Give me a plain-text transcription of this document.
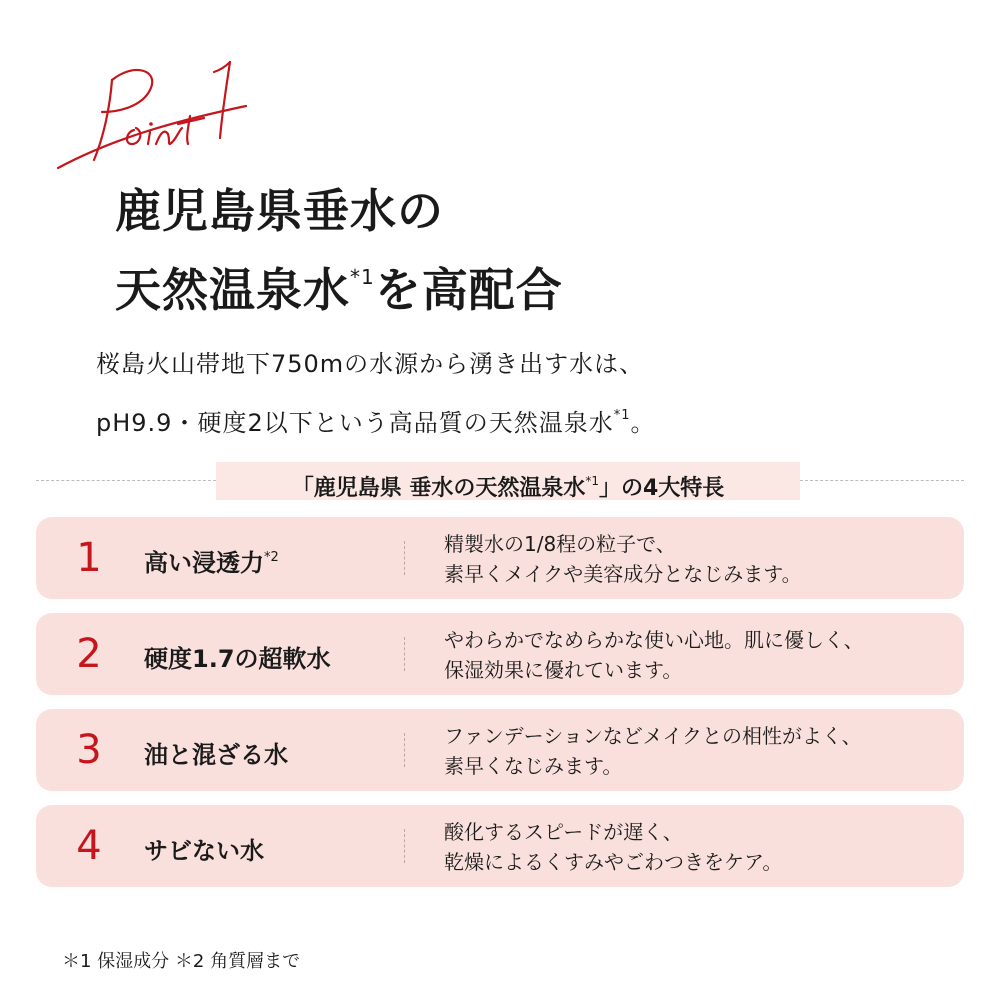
鹿児島県垂水の
天然温泉水$^{*1}$を高配合
桜島火山帯地下750mの水源から湧き出す水は、
pH9.9・硬度2以下という高品質の天然温泉水$^{*1}$。
「鹿児島県 垂水の天然温泉水$^{*1}$」の4大特長
1	高い浸透力$^{*2}$
精製水の1/8程の粒子で、
素早くメイクや美容成分となじみます。
2	硬度1.7の超軟水
やわらかでなめらかな使い心地。肌に優しく、
保湿効果に優れています。
3	油と混ざる水
ファンデーションなどメイクとの相性がよく、
素早くなじみます。
4	サビない水
酸化するスピードが遅く、
乾燥によるくすみやごわつきをケア。
＊1 保湿成分 ＊2 角質層まで
